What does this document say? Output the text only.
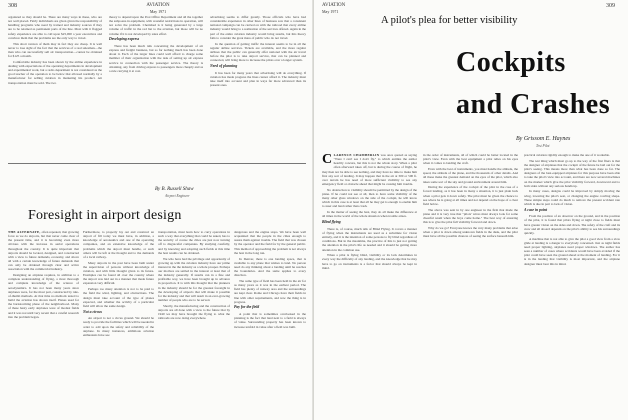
308	AVIATION
May 1971

organized so they should be. There are many ways in these, who are not well placed. Fairly individuals are given given the responsibility of handling programs who need by trained and industry sources if they are to be retained as permanent parts of the line. Most with it flagged safety experience are able to call upon $25,000 a year executives and convince them that the problems are the only way to travel.

This short version of them may in fact they are cheap. It is well never to lose sight of the fact that the services of a real salesman—the man who can successfully sell air transportation—cannot be obtained for $125 a month.

Comfortable industry has been shown by the airline experience in dealing with expectations of the operating departments in development and experimental work, but a radio department is not considered as the good teacher of the operation to be below that allowed normally by a manufacturer for selling aviation in marketing his product. Air transportation must be sold. The two

theory to depend upon the Post Office Department and all the together the subpoena in equipment, with wasteful restrictions in operation, will not solve the problem. Cherished is it being generated by a large volume of traffic in the red but to the aviation, but those will be no volume if it is not developed by sales effort.

Developing express

There has been much talk concerning the development of air express and freight business, but so far nothing much has been done about it. Each of the larger lines could well afford to charge some member of their organization with the task of setting up air express service in connection with the passenger service. The theory is obtaining, any from driving express to passengers more cheaply and as a rule carrying it at cost.

advertising seems to differ greatly. Those officials who have had considerable experience in other lines of business saw that a consistent national campaign can be carried on with the railroad that every airline industry would bring to a realization of the services offered. Again in the part of the entire aviation industry would bring results, but this theory fails to consider the great mass of public who do not travel.

In the question of getting traffic the interest seems to be in all the regular airline services. Tickets are available, and the more regular airlines that the public can generally offer national with the air travel before the pilot is to take airport service, that can be planned and connected, will bring more to increase the pilots over a longer system.

Need of planning

It has been for many years that advertising will do everything. If aviation has made progress the lines cannot afford it. The industry must take itself into account and plan in ways far more advanced than its present ones.

Foresight in airport design
By B. Russell Shaw
Airport Engineer

THE ALTERNATE, often repeated, that growing force as we do airports, but that never come clear of the present time, and it is becoming even more obvious with the increase in aerial operations throughout the country. It is quite important that airports should be located, designed, and constructed with a view to future demands, economy, and above all with a certain knowledge of future demands that can only be obtained through clear and active association with the commercial industry.

Designing an airplane requires, in addition to a complete understanding of flying, a most thorough and complete knowledge of the science of aerodynamics. It has not been many years since airplanes were, for the most part, constructed by rule-of-thumb methods. At that time no methods tested to build the aviation has shown itself. Planes used for the barnstorming phase of the neighborhood. Many of these hasty early airplanes were of modest fields and it was not until very recent that a careful research into the problem began.

Furthermore, to properly lay out and construct an airport of fill today we must have, in addition, a knowledge of aeronautics and one of the operating companies, and an extensive knowledge of the problems which the airport must handle, or such others will be left at the thought and to the demands of a local railway.

Many airports in the past have been built under the supervision of persons without knowledge of aviation, and with little thought given to its future. Examples can be found all over the country where the airport was laid out in a manner that made future expansion very difficult.

Perhaps too many attention is not to be paid to the field the wind, lighting, and obstructions. The design must take account of the type of planes expected, and whether the activity of a particular field will allow the same design.

Not a circus

An airport is not a circus ground. We should be ready to provide the facilities which will be needed in order to add upon the safety and reliability of the airplane. In many instances, ambitious aviation enthusiasts have see

transportation, must learn how to carry operations in such a way that everything that could be asked, has to the security of course the cities are just now turning off to disgraceful companies. By studying carefully, and by knowing and adopting such fields at this time the best results can be obtained.

We who have had the privilege and opportunity of growing up with the aviation industry have our prime interest in the the industry as a whole prosper. Perhaps our motives are settled in the interest at least that of the industry generally. If results can in a fine and profitable way, we have been brought up in advance in proportion. It is with this thought that the planners in the industry should be for the greatest foresight in the developing of airports that will make it possible for the industry and that will result in an ever-growing number of people who are to be served.

Shortly, the manufacturing and the construction of airports are all done with a view to the future that by 1940 we may have brought the flying to what the railroads are now doing everywhere.

dangerous and the engine stops. We have been well acquainted that the people in the cities enough to assure them against trouble. The field that was chosen by the operator and the field for by the general public. This method of approaching the problem is not always the best in the long run.

In Denver, there is one landing space, that is available to any plane that wishes to land. No person need do any thinking about a landing until he reaches the boundaries. And the same applies to every direction.

The same type of field has been held in the air for as many years as it was in the earliest period. The field has plenty of runway area and the surroundings are kept clear. Rome and Chicago have their fields in line with other requirements, and now the thing is in progress.

Pay for the field

A point that is sometimes overlooked in the planning is the fact that land next to a field is always of value. Surrounding property has been known to increase tenfold in value after a field was built.

AVIATION
May 1971
309
A pilot's plea for better visibility
Cockpits
and Crashes
By Grissom E. Haynes
Test Pilot

CLARENCE CHAMBERLIN was once quoted as saying "Were I can't see I don't fly," to which entitles the author heartily concurs, but this is not the whole story. When a pilot often afterward takes off, but is during the course of flight, he may then not be able to see nothing, and may have no time to make him first any sort of landing. It may happen that in the air at 300 or 500 ft. over terrain he has need of more sufficient visibility to see any emergency field or obstacle ahead that might be causing him trouble.

No obstruction to visibility should be permitted by the design of the plane. If he could not see at all, then to have some visibility of the many other glass windows on the side of the cockpit, he will know which in this case is at least that all he may get is enough to enable him to steer and land rather than crash.

In the matter of seeing the best, they do all make the difference at all times in the world of the whole situation when trouble arises.

Blind flying

There is, of course, much talk of Blind Flying. It covers a manner of flying when the instruments are used as a substitute for vision entirely, and it is the intention of some persons to fly blind regardless of conditions. But in the meantime, the practice of this is just not getting the attention in the pilot's life as needed and it should be getting more attention in the common use.

When a pilot is flying blind, visibility or its lack determines in every way the difficulty of any landing, and the knowledge that he may have to go on instruments is a factor that should always be kept in mind.

in the order of instruments, all of which could be better located in the pilot's view. Even with the best equipment a pilot relies on his eyes when it comes to landing the craft.

Even with the best of instruments, you must handle the altitude, the speed, the attitude of the plane, and the thousands of other details. And all these make the greatest demand on the eyes of the pilot, which also takes some sort of the sky and ground environment around him.

During the experience of the cockpit of the pilot in the case of a forced landing, as it has been in many a situation, it is just plain luck when a pilot gets it down safely. The pilot must be given the chance to see where he is going at all times and not depend on the hope of a clear field below.

The above was sent in by one engineer in the firm that made the plane and it is very true that "pilots' wives must always look for some cheerful result when the boys come home." The best way of ensuring this is to give the pilot full visibility forward and down.

Why do we go? Everyone knows the very many problems that arise when a pilot is down among unknown fields in the dusk, and the pilot must have all the possible chances of seeing the surface beneath him.

practical aviation rigidity enough to make the one of it workable.

The test thing which must go up to the way of the first fliers is that the designer of airplanes that the cockpit of the future be laid out for the pilot's seeing. This means more than what has been done so far. The designers of the best-equipped airplanes for this purpose have been able to take the pilot's view into account, and there are now several machines on the market which give the pilot visibility forward, downward and to both sides without any serious handicap.

In many cases, designs could be improved by simply moving the wing, lowering the pilot's seat, or changing the engine cowling shape. These simple steps could do much to remove the present accident rate which is due in part to lack of vision.

A case in point

From the position of an observer on the ground, and in the position of the pilot, it is found that pilots flying at night close to fields must have greater vision on the sides and down. The safety of the craft and its crew and all aboard depends on the pilot's ability to see his surroundings quickly.

A machine that is not able to give the pilot a good view from a slow glide at landing is a danger to everybody concerned. Just as night fields need proper lighting, airplanes need proper windows. The author has seen a number of cases where accidents would have been avoided if the pilot could have seen the ground ahead at the moment of landing. For it is in the landing that visibility is most important, and the airplane designer must bear this in mind.
